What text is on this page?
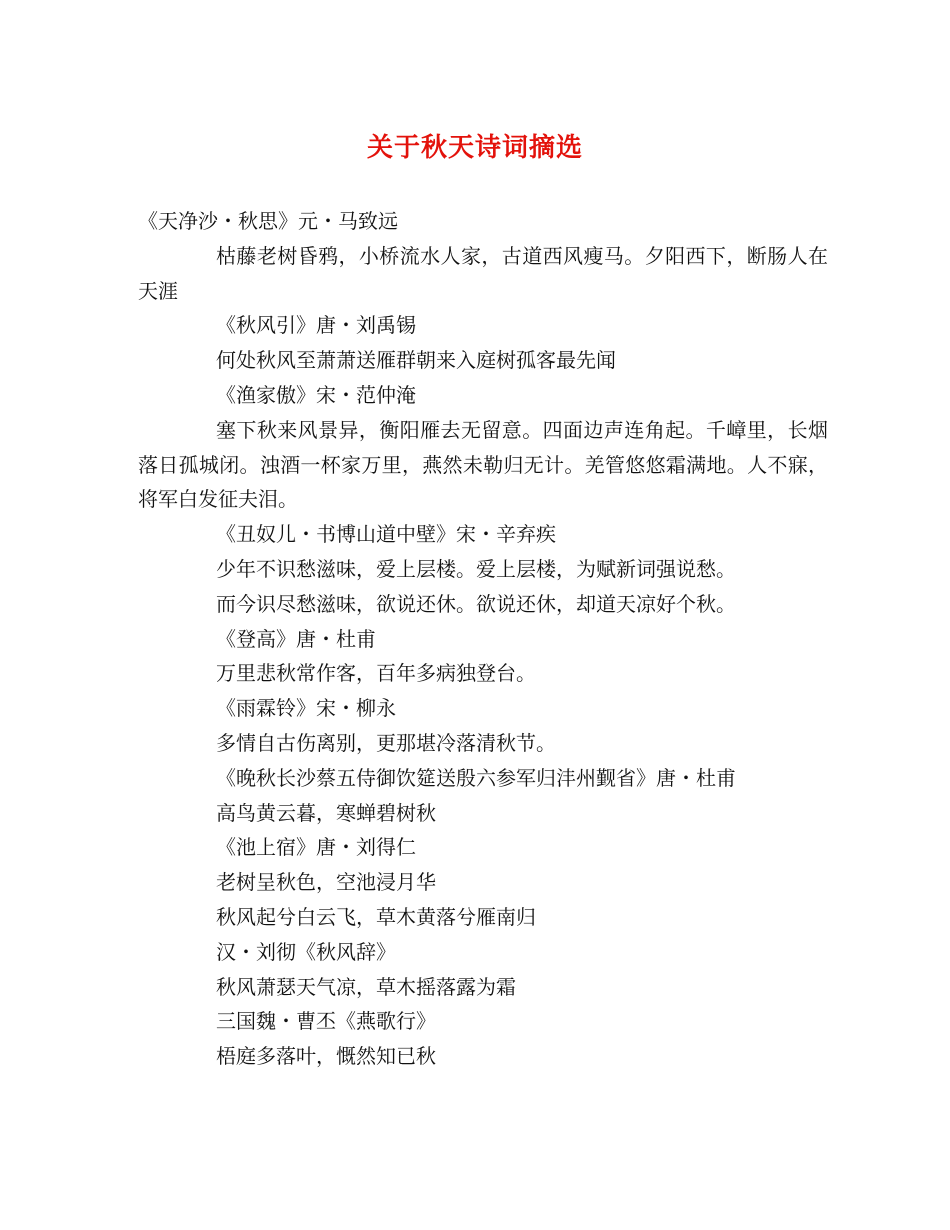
关于秋天诗词摘选

《天净沙・秋思》元・马致远

枯藤老树昏鸦，小桥流水人家，古道西风瘦马。夕阳西下，断肠人在天涯

《秋风引》唐・刘禹锡

何处秋风至萧萧送雁群朝来入庭树孤客最先闻

《渔家傲》宋・范仲淹

塞下秋来风景异，衡阳雁去无留意。四面边声连角起。千嶂里，长烟落日孤城闭。浊酒一杯家万里，燕然未勒归无计。羌管悠悠霜满地。人不寐，将军白发征夫泪。

《丑奴儿・书博山道中壁》宋・辛弃疾

少年不识愁滋味，爱上层楼。爱上层楼，为赋新词强说愁。

而今识尽愁滋味，欲说还休。欲说还休，却道天凉好个秋。

《登高》唐・杜甫

万里悲秋常作客，百年多病独登台。

《雨霖铃》宋・柳永

多情自古伤离别，更那堪冷落清秋节。

《晚秋长沙蔡五侍御饮筵送殷六参军归沣州觐省》唐・杜甫

高鸟黄云暮，寒蝉碧树秋

《池上宿》唐・刘得仁

老树呈秋色，空池浸月华

秋风起兮白云飞，草木黄落兮雁南归

汉・刘彻《秋风辞》

秋风萧瑟天气凉，草木摇落露为霜

三国魏・曹丕《燕歌行》

梧庭多落叶，慨然知已秋
